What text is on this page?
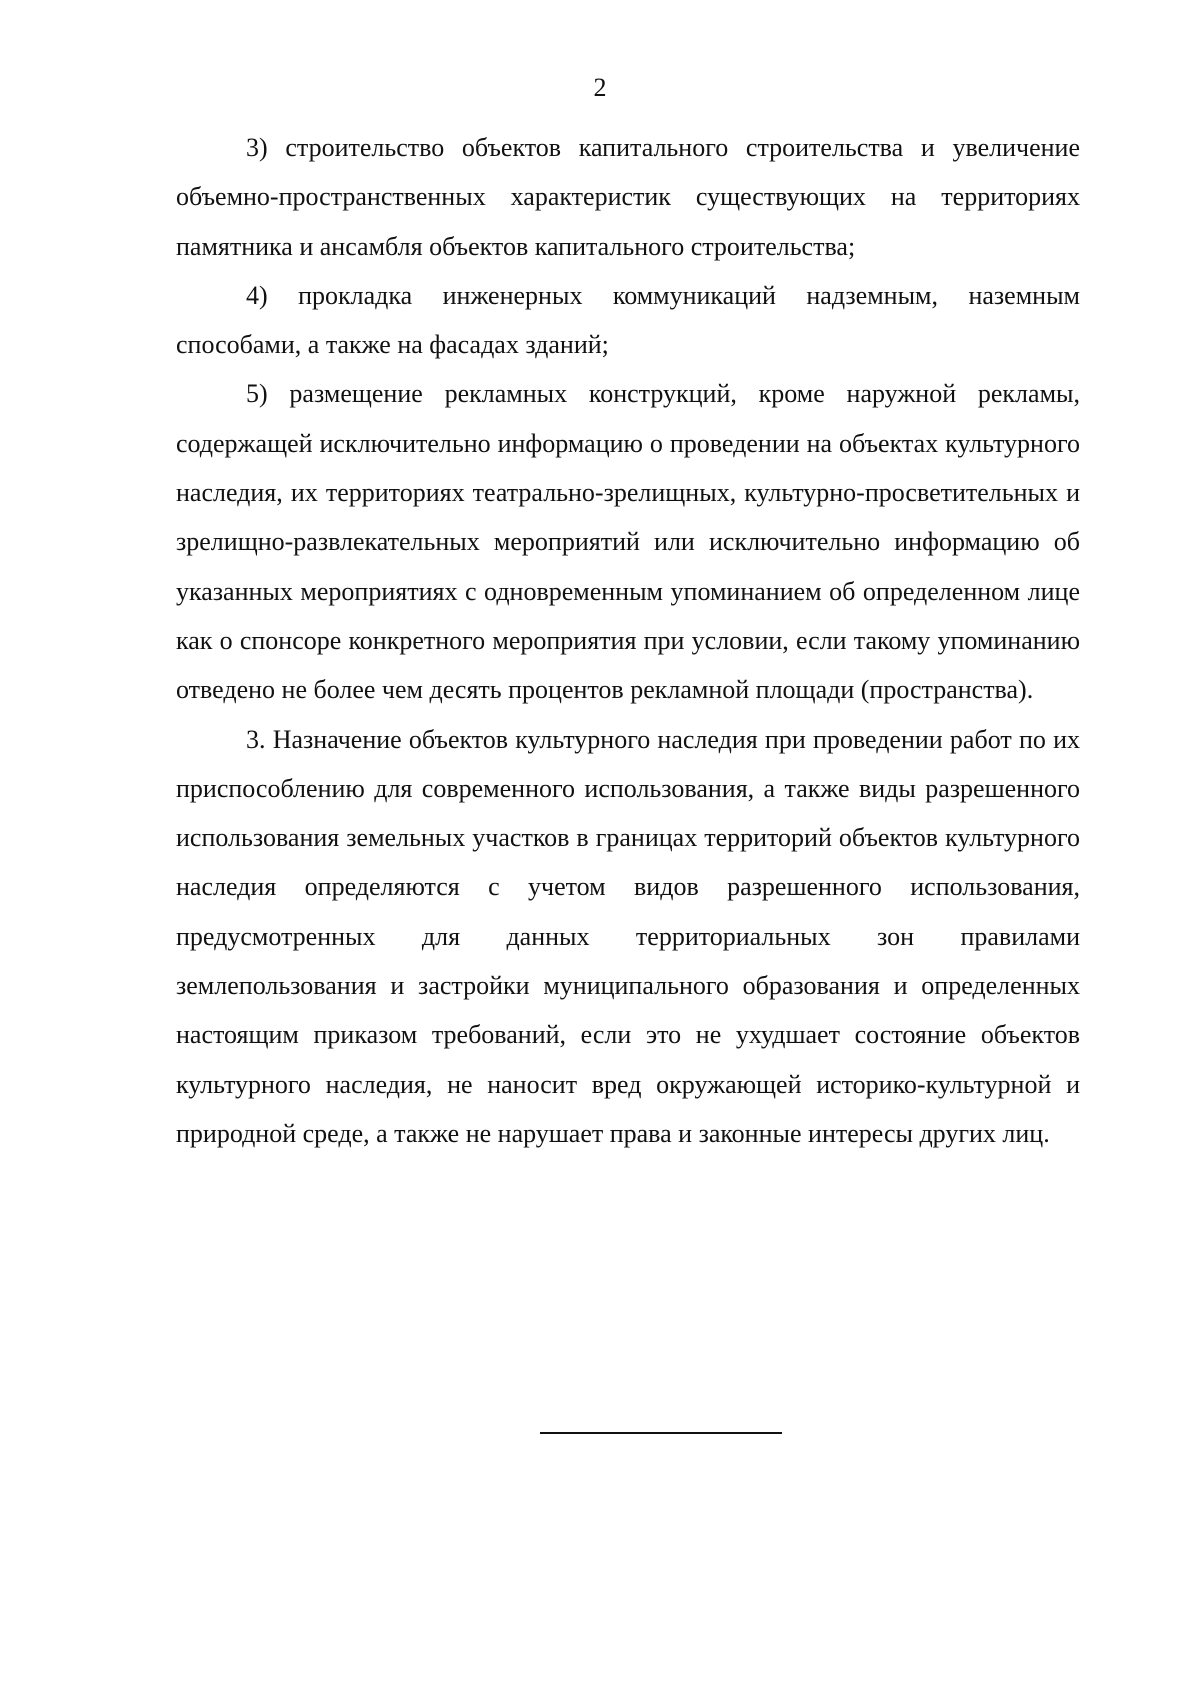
2

3) строительство объектов капитального строительства и увеличение объемно-пространственных характеристик существующих на территориях памятника и ансамбля объектов капитального строительства;

4) прокладка инженерных коммуникаций надземным, наземным способами, а также на фасадах зданий;

5) размещение рекламных конструкций, кроме наружной рекламы, содержащей исключительно информацию о проведении на объектах культурного наследия, их территориях театрально-зрелищных, культурно-просветительных и зрелищно-развлекательных мероприятий или исключительно информацию об указанных мероприятиях с одновременным упоминанием об определенном лице как о спонсоре конкретного мероприятия при условии, если такому упоминанию отведено не более чем десять процентов рекламной площади (пространства).

3. Назначение объектов культурного наследия при проведении работ по их приспособлению для современного использования, а также виды разрешенного использования земельных участков в границах территорий объектов культурного наследия определяются с учетом видов разрешенного использования, предусмотренных для данных территориальных зон правилами землепользования и застройки муниципального образования и определенных настоящим приказом требований, если это не ухудшает состояние объектов культурного наследия, не наносит вред окружающей историко-культурной и природной среде, а также не нарушает права и законные интересы других лиц.
